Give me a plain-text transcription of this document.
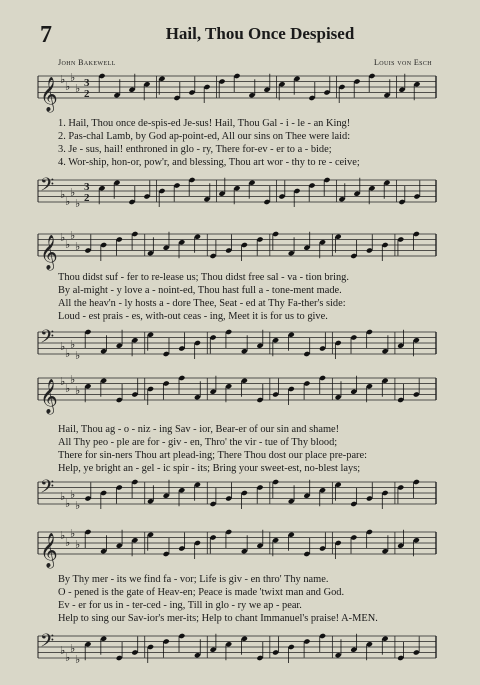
7	Hail, Thou Once Despised
John Bakewell	Louis von Esch
𝄞 ♭
♭
♭
♭ 3
2
1. Hail, Thou once de-spis-ed Je-sus! Hail, Thou Gal - i - le - an King!
2. Pas-chal Lamb, by God ap-point-ed, All our sins on Thee were laid:
3. Je - sus, hail! enthroned in glo - ry, There for-ev - er to a - bide;
4. Wor-ship, hon-or, pow'r, and blessing, Thou art wor - thy to re - ceive;
𝄢 ♭
♭
♭
♭
3
2
𝄞 ♭
♭
♭
♭
Thou didst suf - fer to re-lease us; Thou didst free sal - va - tion bring.
By al-might - y love a - noint-ed, Thou hast full a - tone-ment made.
All the heav'n - ly hosts a - dore Thee, Seat - ed at Thy Fa-ther's side:
Loud - est prais - es, with-out ceas - ing, Meet it is for us to give.
𝄢 ♭
♭
♭
♭
𝄞 ♭
♭
♭
♭
Hail, Thou ag - o - niz - ing Sav - ior, Bear-er of our sin and shame!
All Thy peo - ple are for - giv - en, Thro' the vir - tue of Thy blood;
There for sin-ners Thou art plead-ing; There Thou dost our place pre-pare:
Help, ye bright an - gel - ic spir - its; Bring your sweet-est, no-blest lays;
𝄢 ♭
♭
♭
♭
𝄞 ♭
♭
♭
♭
By Thy mer - its we find fa - vor; Life is giv - en thro' Thy name.
O - pened is the gate of Heav-en; Peace is made 'twixt man and God.
Ev - er for us in - ter-ced - ing, Till in glo - ry we ap - pear.
Help to sing our Sav-ior's mer-its; Help to chant Immanuel's praise! A-MEN.
𝄢 ♭
♭
♭
♭
